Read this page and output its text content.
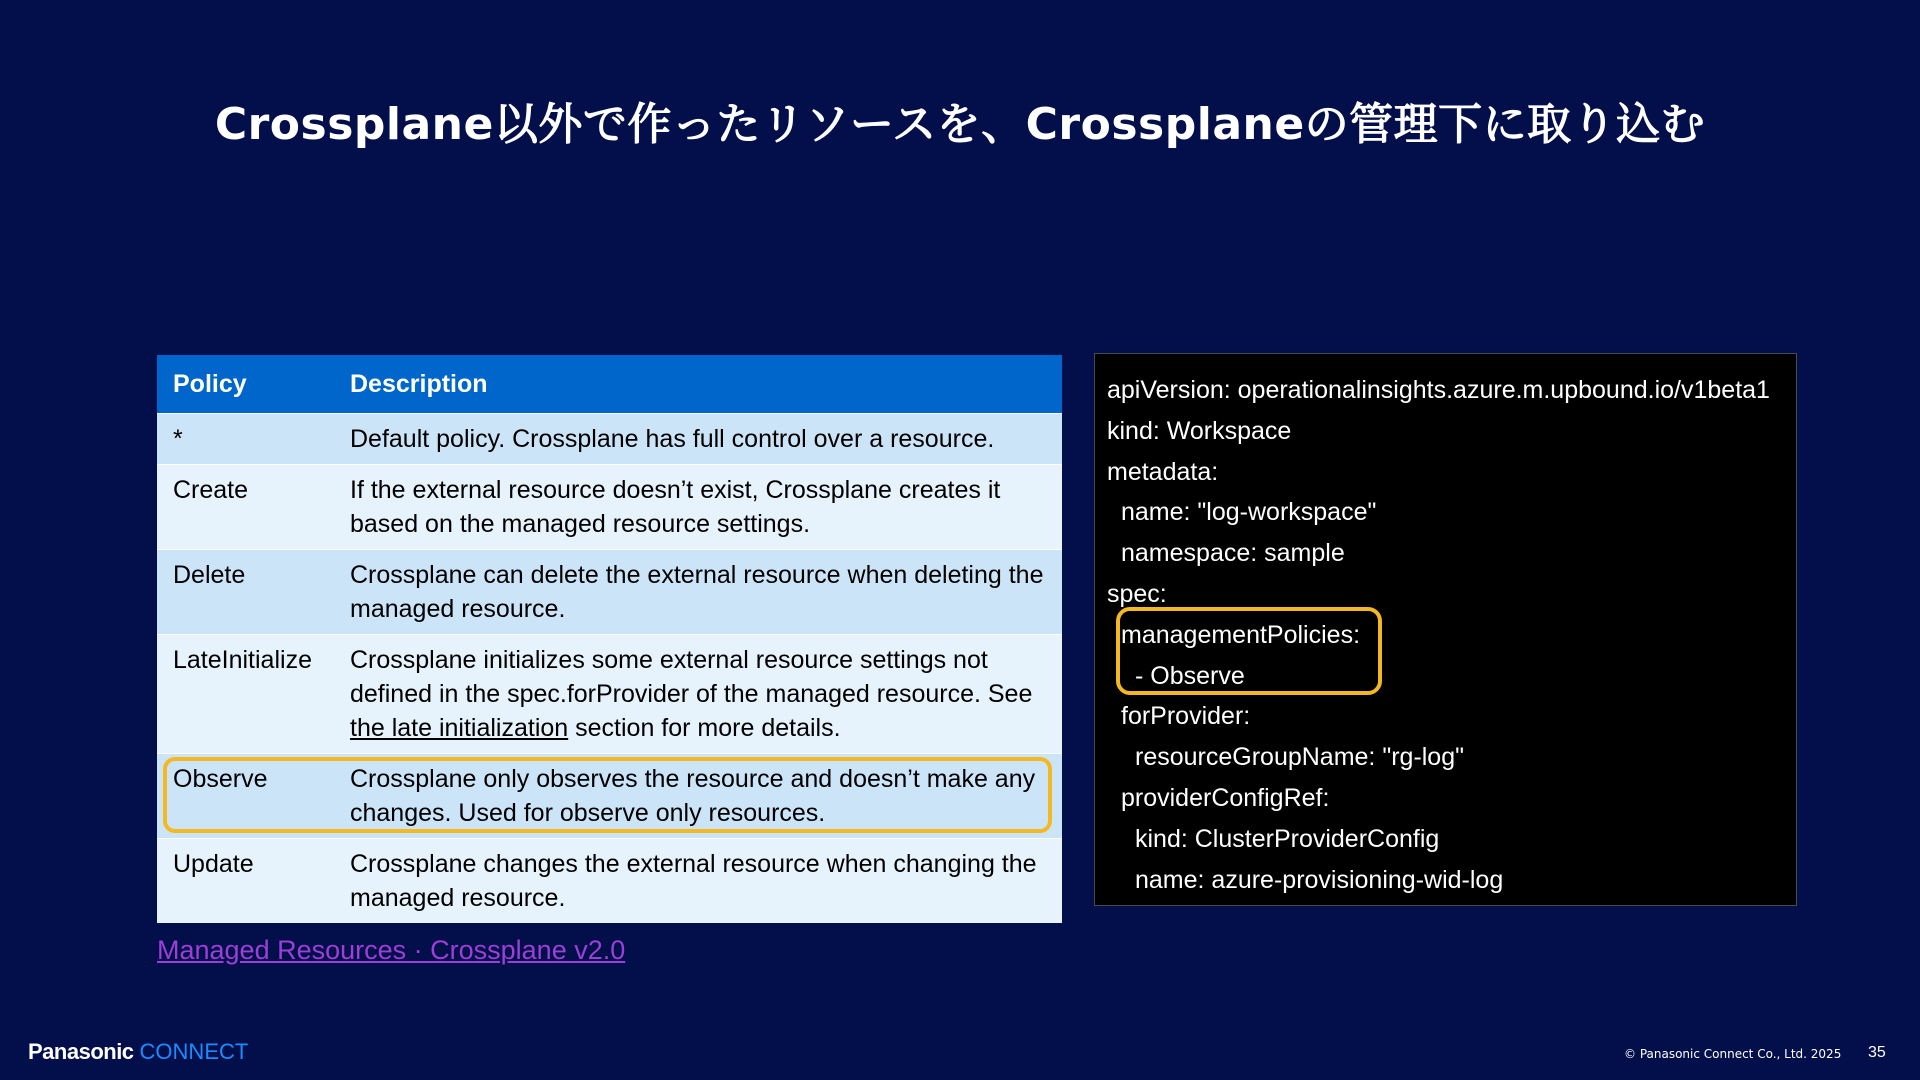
Crossplane以外で作ったリソースを、Crossplaneの管理下に取り込む
Policy	Description
*	Default policy. Crossplane has full control over a resource.
Create	If the external resource doesn’t exist, Crossplane creates it based on the managed resource settings.
Delete	Crossplane can delete the external resource when deleting the managed resource.
LateInitialize	Crossplane initializes some external resource settings not defined in the spec.forProvider of the managed resource. See the late initialization section for more details.
Observe	Crossplane only observes the resource and doesn’t make any changes. Used for observe only resources.
Update	Crossplane changes the external resource when changing the managed resource.
Managed Resources · Crossplane v2.0
apiVersion: operationalinsights.azure.m.upbound.io/v1beta1
kind: Workspace
metadata:
name: "log-workspace"
namespace: sample
spec:
managementPolicies:
- Observe
forProvider:
resourceGroupName: "rg-log"
providerConfigRef:
kind: ClusterProviderConfig
name: azure-provisioning-wid-log
Panasonic CONNECT	© Panasonic Connect Co., Ltd. 2025 35
